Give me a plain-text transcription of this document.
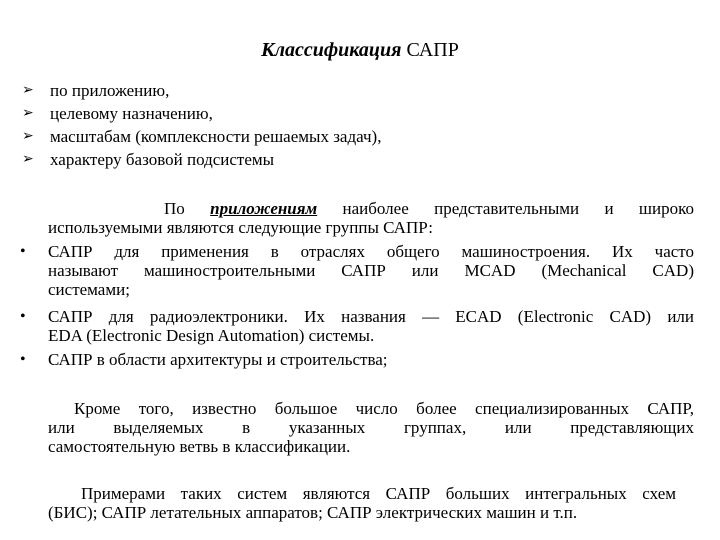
Классификация САПР
➢ по приложению,
➢ целевому назначению,
➢ масштабам (комплексности решаемых задач),
➢ характеру базовой подсистемы
По приложениям наиболее представительными и широко
используемыми являются следующие группы САПР:
•	САПР для применения в отраслях общего машиностроения. Их часто
называют машиностроительными САПР или MCAD (Mechanical CAD)
системами;
•	САПР для радиоэлектроники. Их названия — ECAD (Electronic CAD) или
EDA (Electronic Design Automation) системы.
•	САПР в области архитектуры и строительства;
Кроме того, известно большое число более специализированных САПР,
или выделяемых в указанных группах, или представляющих
самостоятельную ветвь в классификации.
Примерами таких систем являются САПР больших интегральных схем
(БИС); САПР летательных аппаратов; САПР электрических машин и т.п.
